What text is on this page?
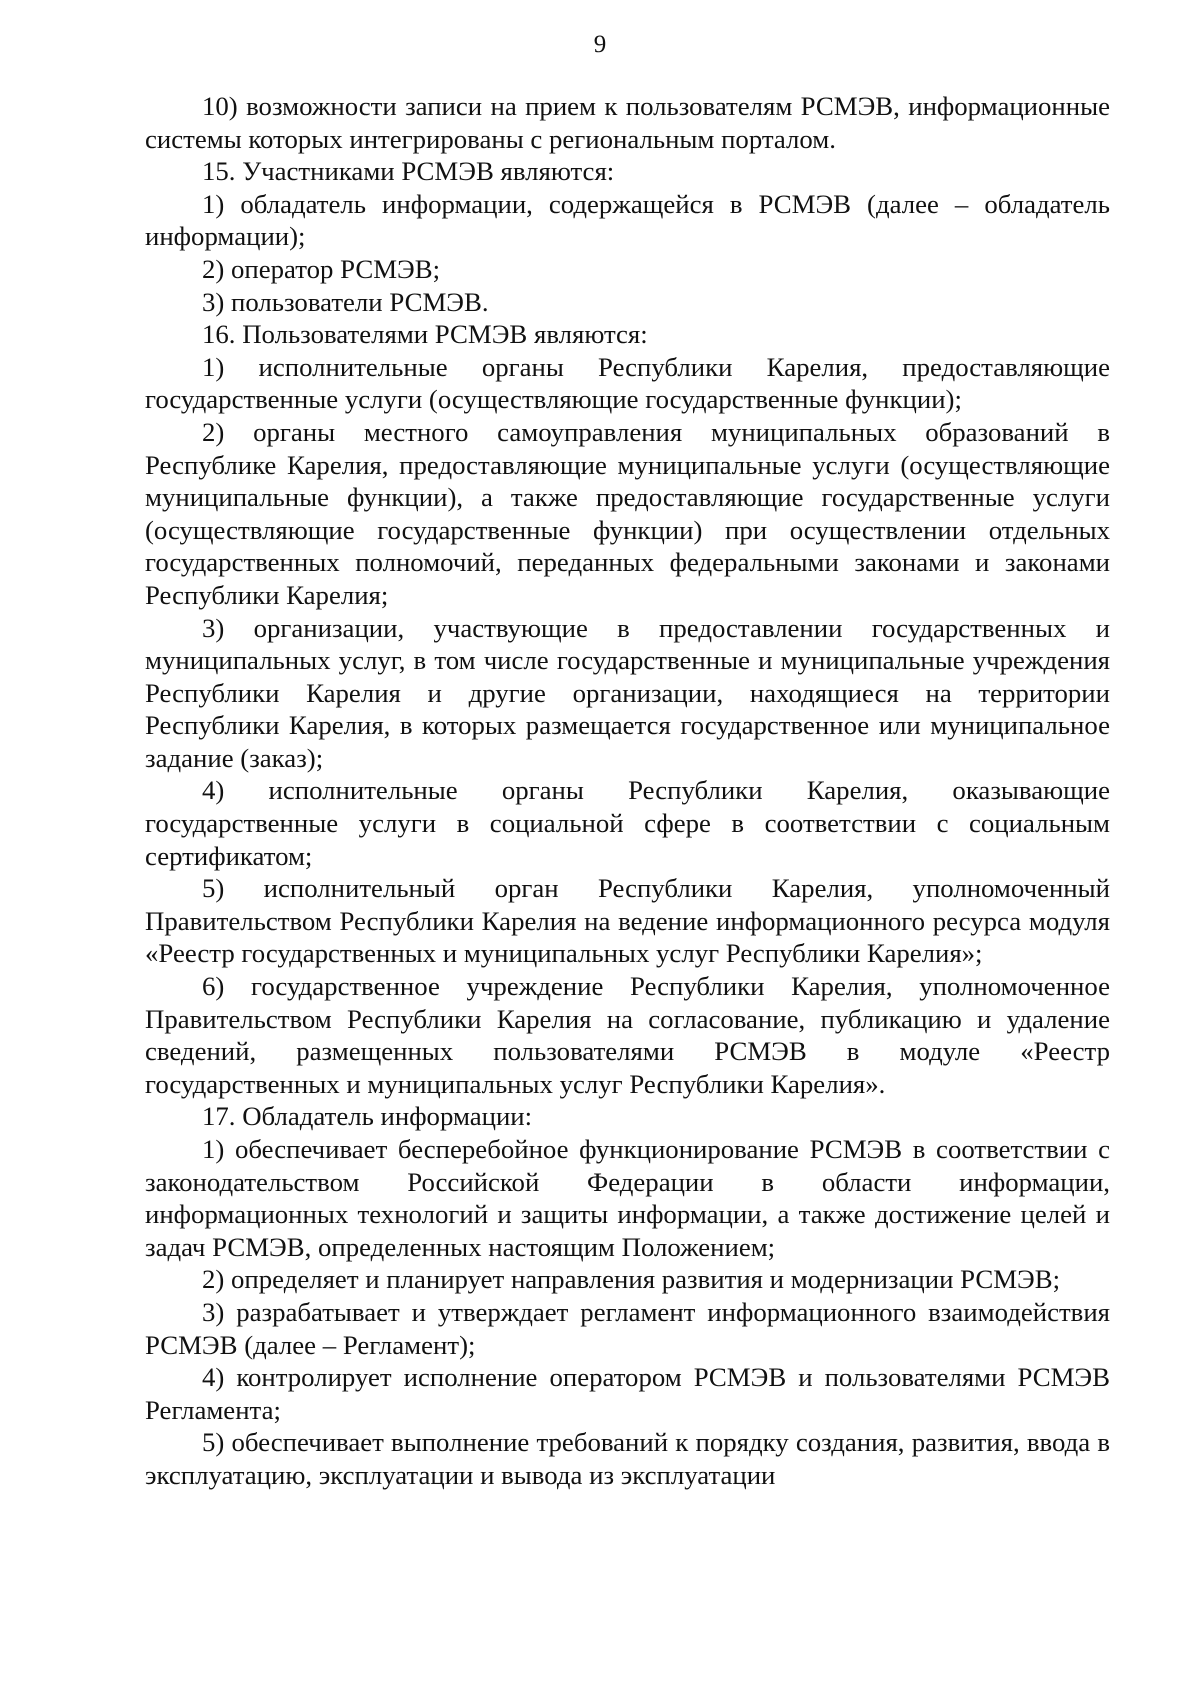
9

10) возможности записи на прием к пользователям РСМЭВ, информационные системы которых интегрированы с региональным порталом.

15. Участниками РСМЭВ являются:

1) обладатель информации, содержащейся в РСМЭВ (далее – обладатель информации);

2) оператор РСМЭВ;

3) пользователи РСМЭВ.

16. Пользователями РСМЭВ являются:

1) исполнительные органы Республики Карелия, предоставляющие государственные услуги (осуществляющие государственные функции);

2) органы местного самоуправления муниципальных образований в Республике Карелия, предоставляющие муниципальные услуги (осуществляющие муниципальные функции), а также предоставляющие государственные услуги (осуществляющие государственные функции) при осуществлении отдельных государственных полномочий, переданных федеральными законами и законами Республики Карелия;

3) организации, участвующие в предоставлении государственных и муниципальных услуг, в том числе государственные и муниципальные учреждения Республики Карелия и другие организации, находящиеся на территории Республики Карелия, в которых размещается государственное или муниципальное задание (заказ);

4) исполнительные органы Республики Карелия, оказывающие государственные услуги в социальной сфере в соответствии с социальным сертификатом;

5) исполнительный орган Республики Карелия, уполномоченный Правительством Республики Карелия на ведение информационного ресурса модуля «Реестр государственных и муниципальных услуг Республики Карелия»;

6) государственное учреждение Республики Карелия, уполномоченное Правительством Республики Карелия на согласование, публикацию и удаление сведений, размещенных пользователями РСМЭВ в модуле «Реестр государственных и муниципальных услуг Республики Карелия».

17. Обладатель информации:

1) обеспечивает бесперебойное функционирование РСМЭВ в соответствии с законодательством Российской Федерации в области информации, информационных технологий и защиты информации, а также достижение целей и задач РСМЭВ, определенных настоящим Положением;

2) определяет и планирует направления развития и модернизации РСМЭВ;

3) разрабатывает и утверждает регламент информационного взаимодействия РСМЭВ (далее – Регламент);

4) контролирует исполнение оператором РСМЭВ и пользователями РСМЭВ Регламента;

5) обеспечивает выполнение требований к порядку создания, развития, ввода в эксплуатацию, эксплуатации и вывода из эксплуатации
